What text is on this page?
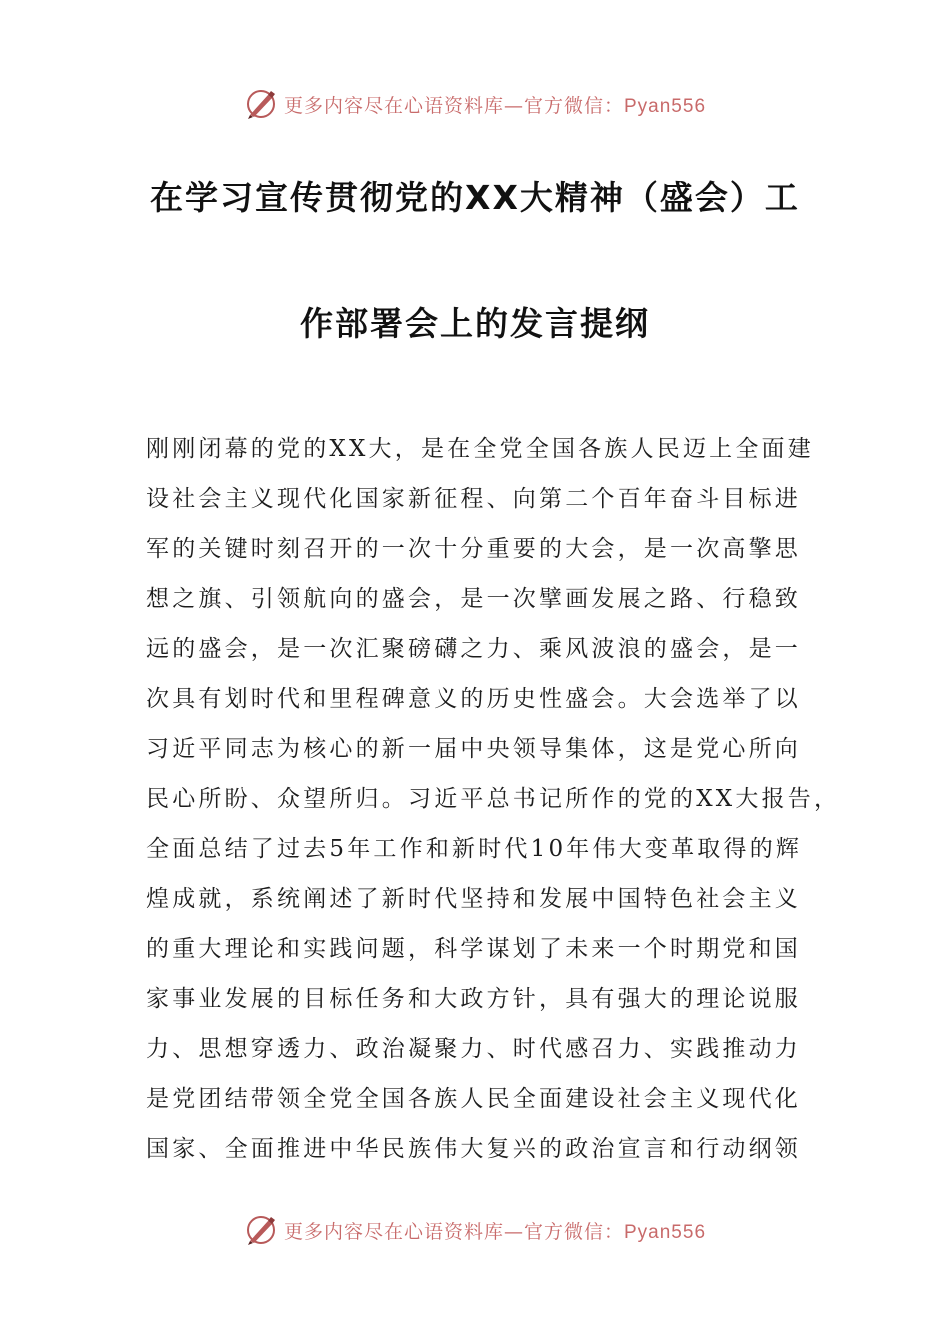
更多内容尽在心语资料库—官方微信：Pyan556
在学习宣传贯彻党的XX大精神（盛会）工
作部署会上的发言提纲
刚刚闭幕的党的XX大，是在全党全国各族人民迈上全面建
设社会主义现代化国家新征程、向第二个百年奋斗目标进
军的关键时刻召开的一次十分重要的大会，是一次高擎思
想之旗、引领航向的盛会，是一次擘画发展之路、行稳致
远的盛会，是一次汇聚磅礴之力、乘风波浪的盛会，是一
次具有划时代和里程碑意义的历史性盛会。大会选举了以
习近平同志为核心的新一届中央领导集体，这是党心所向
民心所盼、众望所归。习近平总书记所作的党的XX大报告，
全面总结了过去5年工作和新时代10年伟大变革取得的辉
煌成就，系统阐述了新时代坚持和发展中国特色社会主义
的重大理论和实践问题，科学谋划了未来一个时期党和国
家事业发展的目标任务和大政方针，具有强大的理论说服
力、思想穿透力、政治凝聚力、时代感召力、实践推动力
是党团结带领全党全国各族人民全面建设社会主义现代化
国家、全面推进中华民族伟大复兴的政治宣言和行动纲领
更多内容尽在心语资料库—官方微信：Pyan556
